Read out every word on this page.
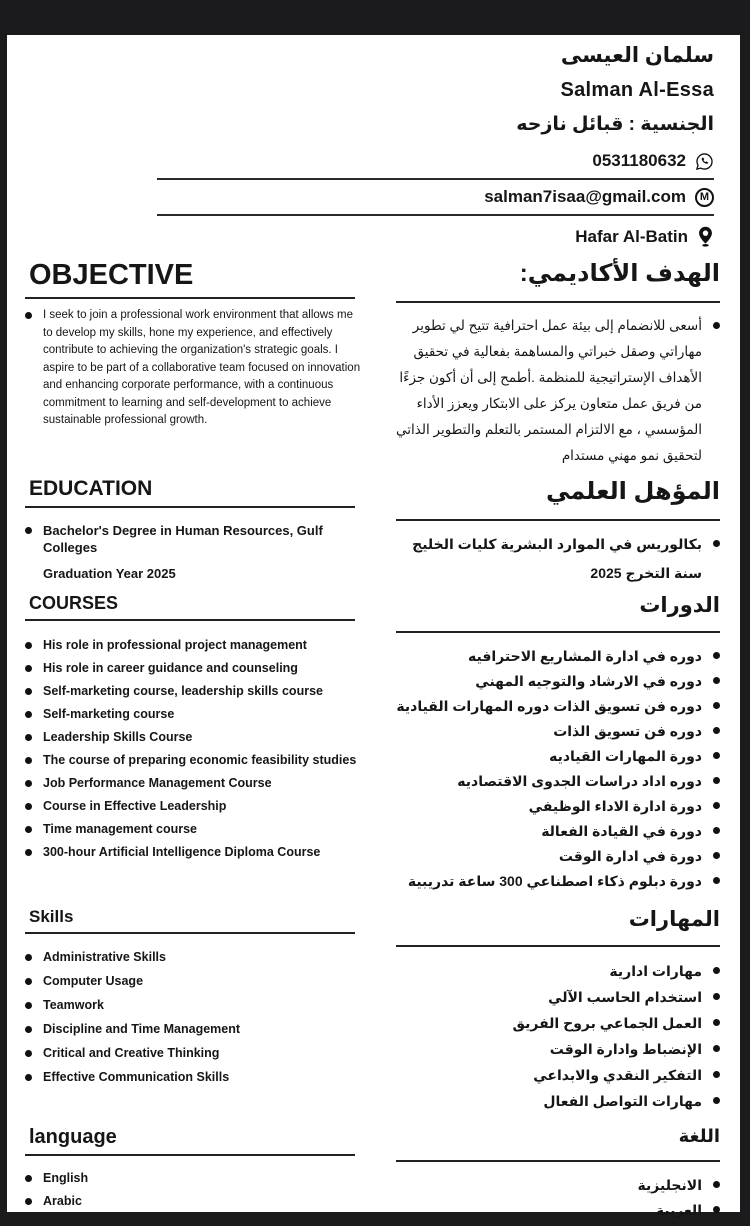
سلمان العيسى
Salman Al-Essa
الجنسية : قبائل نازحه
0531180632
salman7isaa@gmail.com	M
Hafar Al-Batin
OBJECTIVE
I seek to join a professional work environment that allows me to develop my skills, hone my experience, and effectively contribute to achieving the organization's strategic goals. I aspire to be part of a collaborative team focused on innovation and enhancing corporate performance, with a continuous commitment to learning and self-development to achieve sustainable professional growth.
الهدف الأكاديمي:
أسعى للانضمام إلى بيئة عمل احترافية تتيح لي تطوير مهاراتي وصقل خبراتي والمساهمة بفعالية في تحقيق الأهداف الإستراتيجية للمنظمة .أطمح إلى أن أكون جزءًا من فريق عمل متعاون يركز على الابتكار ويعزز الأداء المؤسسي ، مع الالتزام المستمر بالتعلم والتطوير الذاتي لتحقيق نمو مهني مستدام
EDUCATION
Bachelor's Degree in Human Resources, Gulf Colleges
Graduation Year 2025
المؤهل العلمي
بكالوريس في الموارد البشرية كليات الخليج
سنة التخرج 2025
COURSES
His role in professional project management
His role in career guidance and counseling
Self-marketing course, leadership skills course
Self-marketing course
Leadership Skills Course
The course of preparing economic feasibility studies
Job Performance Management Course
Course in Effective Leadership
Time management course
300-hour Artificial Intelligence Diploma Course
الدورات
دوره في ادارة المشاريع الاحترافيه
دوره في الارشاد والتوجيه المهني
دوره فن تسويق الذات دوره المهارات القيادية
دوره فن تسويق الذات
دورة المهارات القياديه
دوره اداد دراسات الجدوى الاقتصاديه
دورة ادارة الاداء الوظيفي
دورة في القيادة الفعالة
دورة في ادارة الوقت
دورة دبلوم ذكاء اصطناعي 300 ساعة تدريبية
Skills
Administrative Skills
Computer Usage
Teamwork
Discipline and Time Management
Critical and Creative Thinking
Effective Communication Skills
المهارات
مهارات ادارية
استخدام الحاسب الآلي
العمل الجماعي بروح الفريق
الإنضباط وادارة الوقت
التفكير النقدي والابداعي
مهارات التواصل الفعال
language
English
Arabic
اللغة
الانجليزية
العربية
